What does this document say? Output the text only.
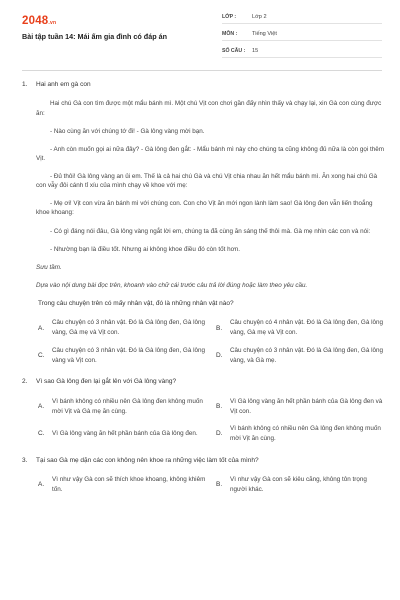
2048.vn
Bài tập tuần 14: Mái ấm gia đình có đáp án
LỚP :	Lớp 2
MÔN :	Tiếng Việt
SỐ CÂU :	15
1.	Hai anh em gà con

Hai chú Gà con tìm được một mẩu bánh mì. Một chú Vịt con chơi gần đấy nhìn thấy và chạy lại, xin Gà con cùng được ăn:

- Nào cùng ăn với chúng tớ đi! - Gà lông vàng mời bạn.

- Anh còn muốn gọi ai nữa đây? - Gà lông đen gắt: - Mẩu bánh mì này cho chúng ta cũng không đủ nữa là còn gọi thêm Vịt.

- Đủ thôi! Gà lông vàng an ủi em. Thế là cả hai chú Gà và chú Vịt chia nhau ăn hết mẩu bánh mì. Ăn xong hai chú Gà con vẫy đôi cánh tỉ xíu của mình chạy về khoe với mẹ:

- Mẹ ơi! Vịt con vừa ăn bánh mì với chúng con. Con cho Vịt ăn mới ngon lành làm sao! Gà lông đen vẫn liến thoắng khoe khoang:

- Có gì đáng nói đâu, Gà lông vàng ngắt lời em, chúng ta đã cùng ăn sáng thế thôi mà. Gà mẹ nhìn các con và nói:

- Nhường bạn là điều tốt. Nhưng ai không khoe điều đó còn tốt hơn.

Sưu tầm.

Dựa vào nội dung bài đọc trên, khoanh vào chữ cái trước câu trả lời đúng hoặc làm theo yêu cầu.

Trong câu chuyện trên có mấy nhân vật, đó là những nhân vật nào?
A.
Câu chuyện có 3 nhân vật. Đó là Gà lông đen, Gà lông vàng, Gà mẹ và Vịt con.
B.
Câu chuyện có 4 nhân vật. Đó là Gà lông đen, Gà lông vàng, Gà mẹ và Vịt con.
C.
Câu chuyện có 3 nhân vật. Đó là Gà lông đen, Gà lông vàng và Vịt con.
D.
Câu chuyện có 3 nhân vật. Đó là Gà lông đen, Gà lông vàng, và Gà mẹ.
2.	Vì sao Gà lông đen lại gắt lên với Gà lông vàng?
A.
Vì bánh không có nhiều nên Gà lông đen không muốn mời Vịt và Gà mẹ ăn cùng.
B.
Vì Gà lông vàng ăn hết phần bánh của Gà lông đen và Vịt con.
C.	Vì Gà lông vàng ăn hết phần bánh của Gà lông đen.	D.
Vì bánh không có nhiều nên Gà lông đen không muốn mời Vịt ăn cùng.
3.	Tại sao Gà mẹ dặn các con không nên khoe ra những việc làm tốt của mình?
A.
Vì như vậy Gà con sẽ thích khoe khoang, không khiêm tốn.
B.
Vì như vậy Gà con sẽ kiêu căng, không tôn trọng người khác.
